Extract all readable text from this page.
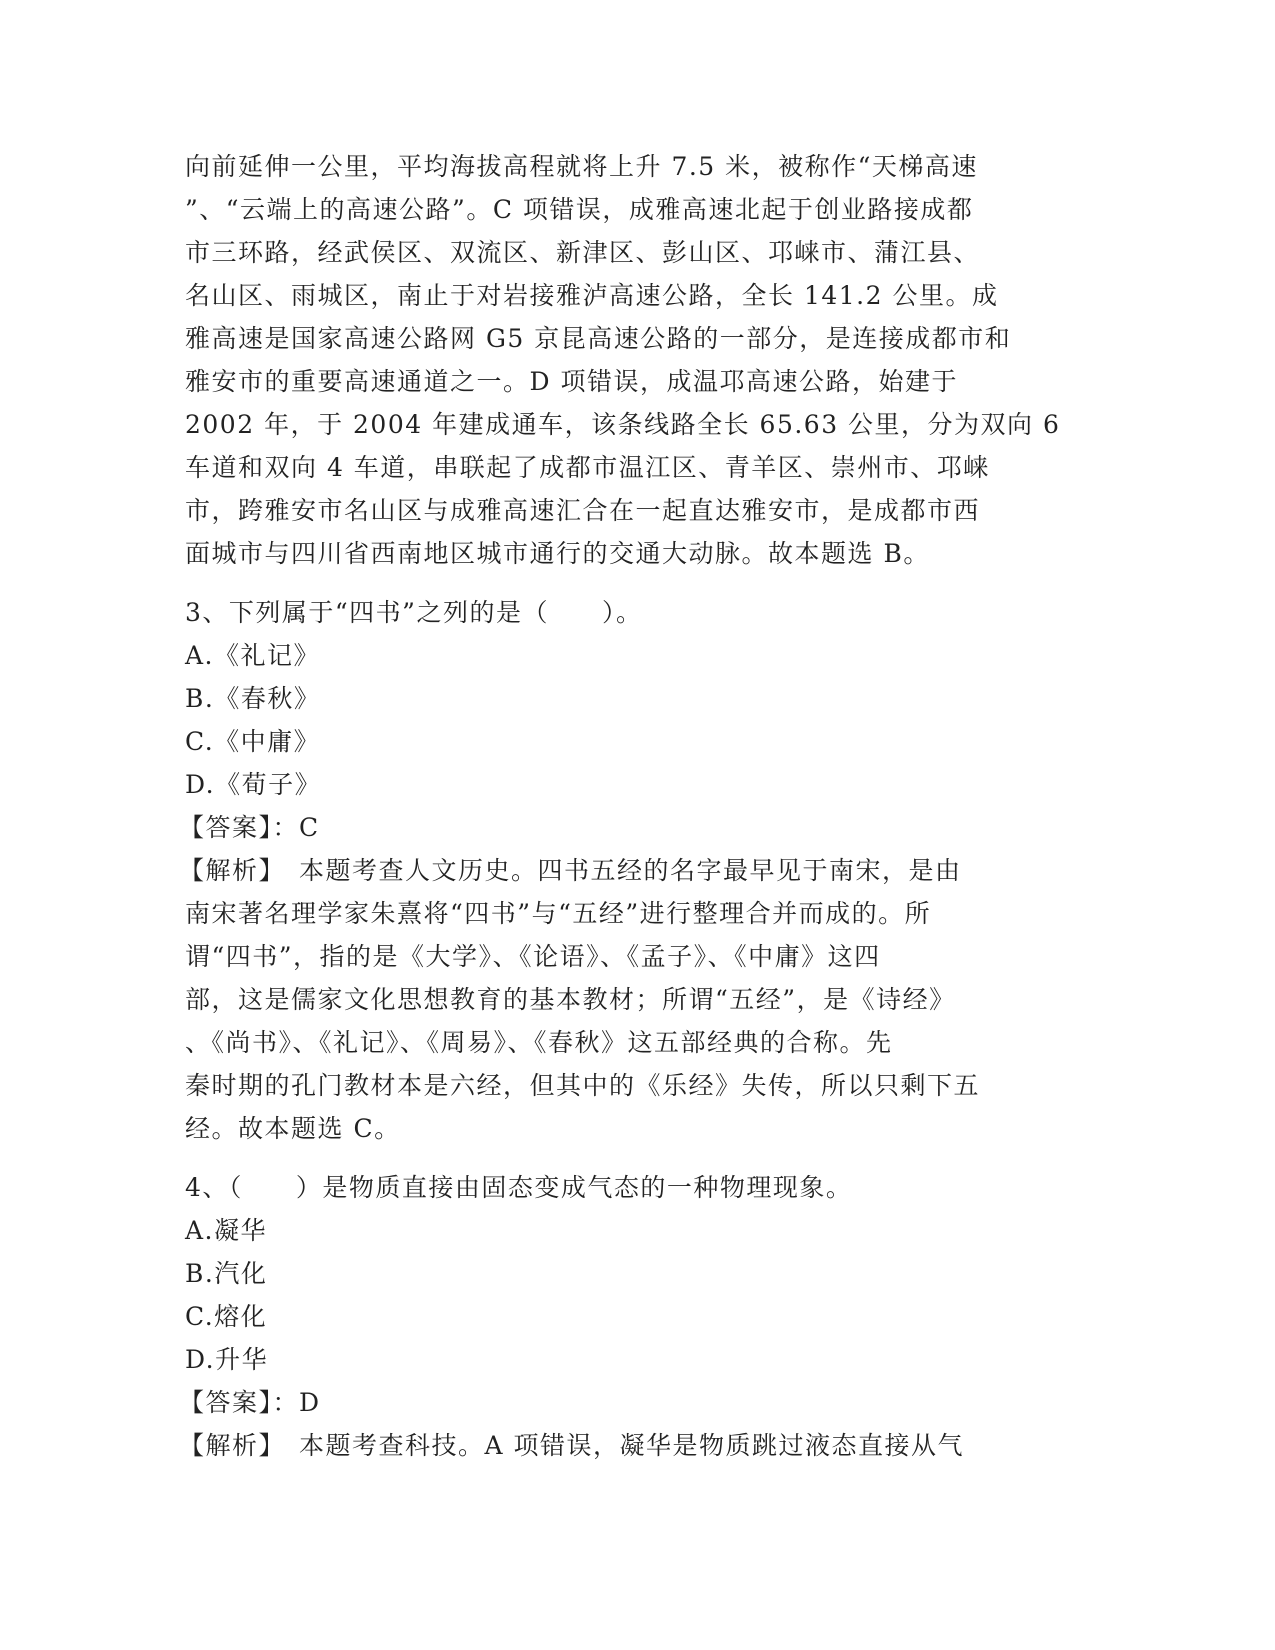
向前延伸一公里，平均海拔高程就将上升 7.5 米，被称作“天梯高速
”、“云端上的高速公路”。C 项错误，成雅高速北起于创业路接成都
市三环路，经武侯区、双流区、新津区、彭山区、邛崃市、蒲江县、
名山区、雨城区，南止于对岩接雅泸高速公路，全长 141.2 公里。成
雅高速是国家高速公路网 G5 京昆高速公路的一部分，是连接成都市和
雅安市的重要高速通道之一。D 项错误，成温邛高速公路，始建于
2002 年，于 2004 年建成通车，该条线路全长 65.63 公里，分为双向 6
车道和双向 4 车道，串联起了成都市温江区、青羊区、崇州市、邛崃
市，跨雅安市名山区与成雅高速汇合在一起直达雅安市，是成都市西
面城市与四川省西南地区城市通行的交通大动脉。故本题选 B。
3、下列属于“四书”之列的是（　　）。
A.《礼记》
B.《春秋》
C.《中庸》
D.《荀子》
【答案】：C
【解析】　本题考查人文历史。四书五经的名字最早见于南宋，是由
南宋著名理学家朱熹将“四书”与“五经”进行整理合并而成的。所
谓“四书”，指的是《大学》、《论语》、《孟子》、《中庸》这四
部，这是儒家文化思想教育的基本教材；所谓“五经”，是《诗经》
、《尚书》、《礼记》、《周易》、《春秋》这五部经典的合称。先
秦时期的孔门教材本是六经，但其中的《乐经》失传，所以只剩下五
经。故本题选 C。
4、（　　）是物质直接由固态变成气态的一种物理现象。
A.凝华
B.汽化
C.熔化
D.升华
【答案】：D
【解析】　本题考查科技。A 项错误，凝华是物质跳过液态直接从气
